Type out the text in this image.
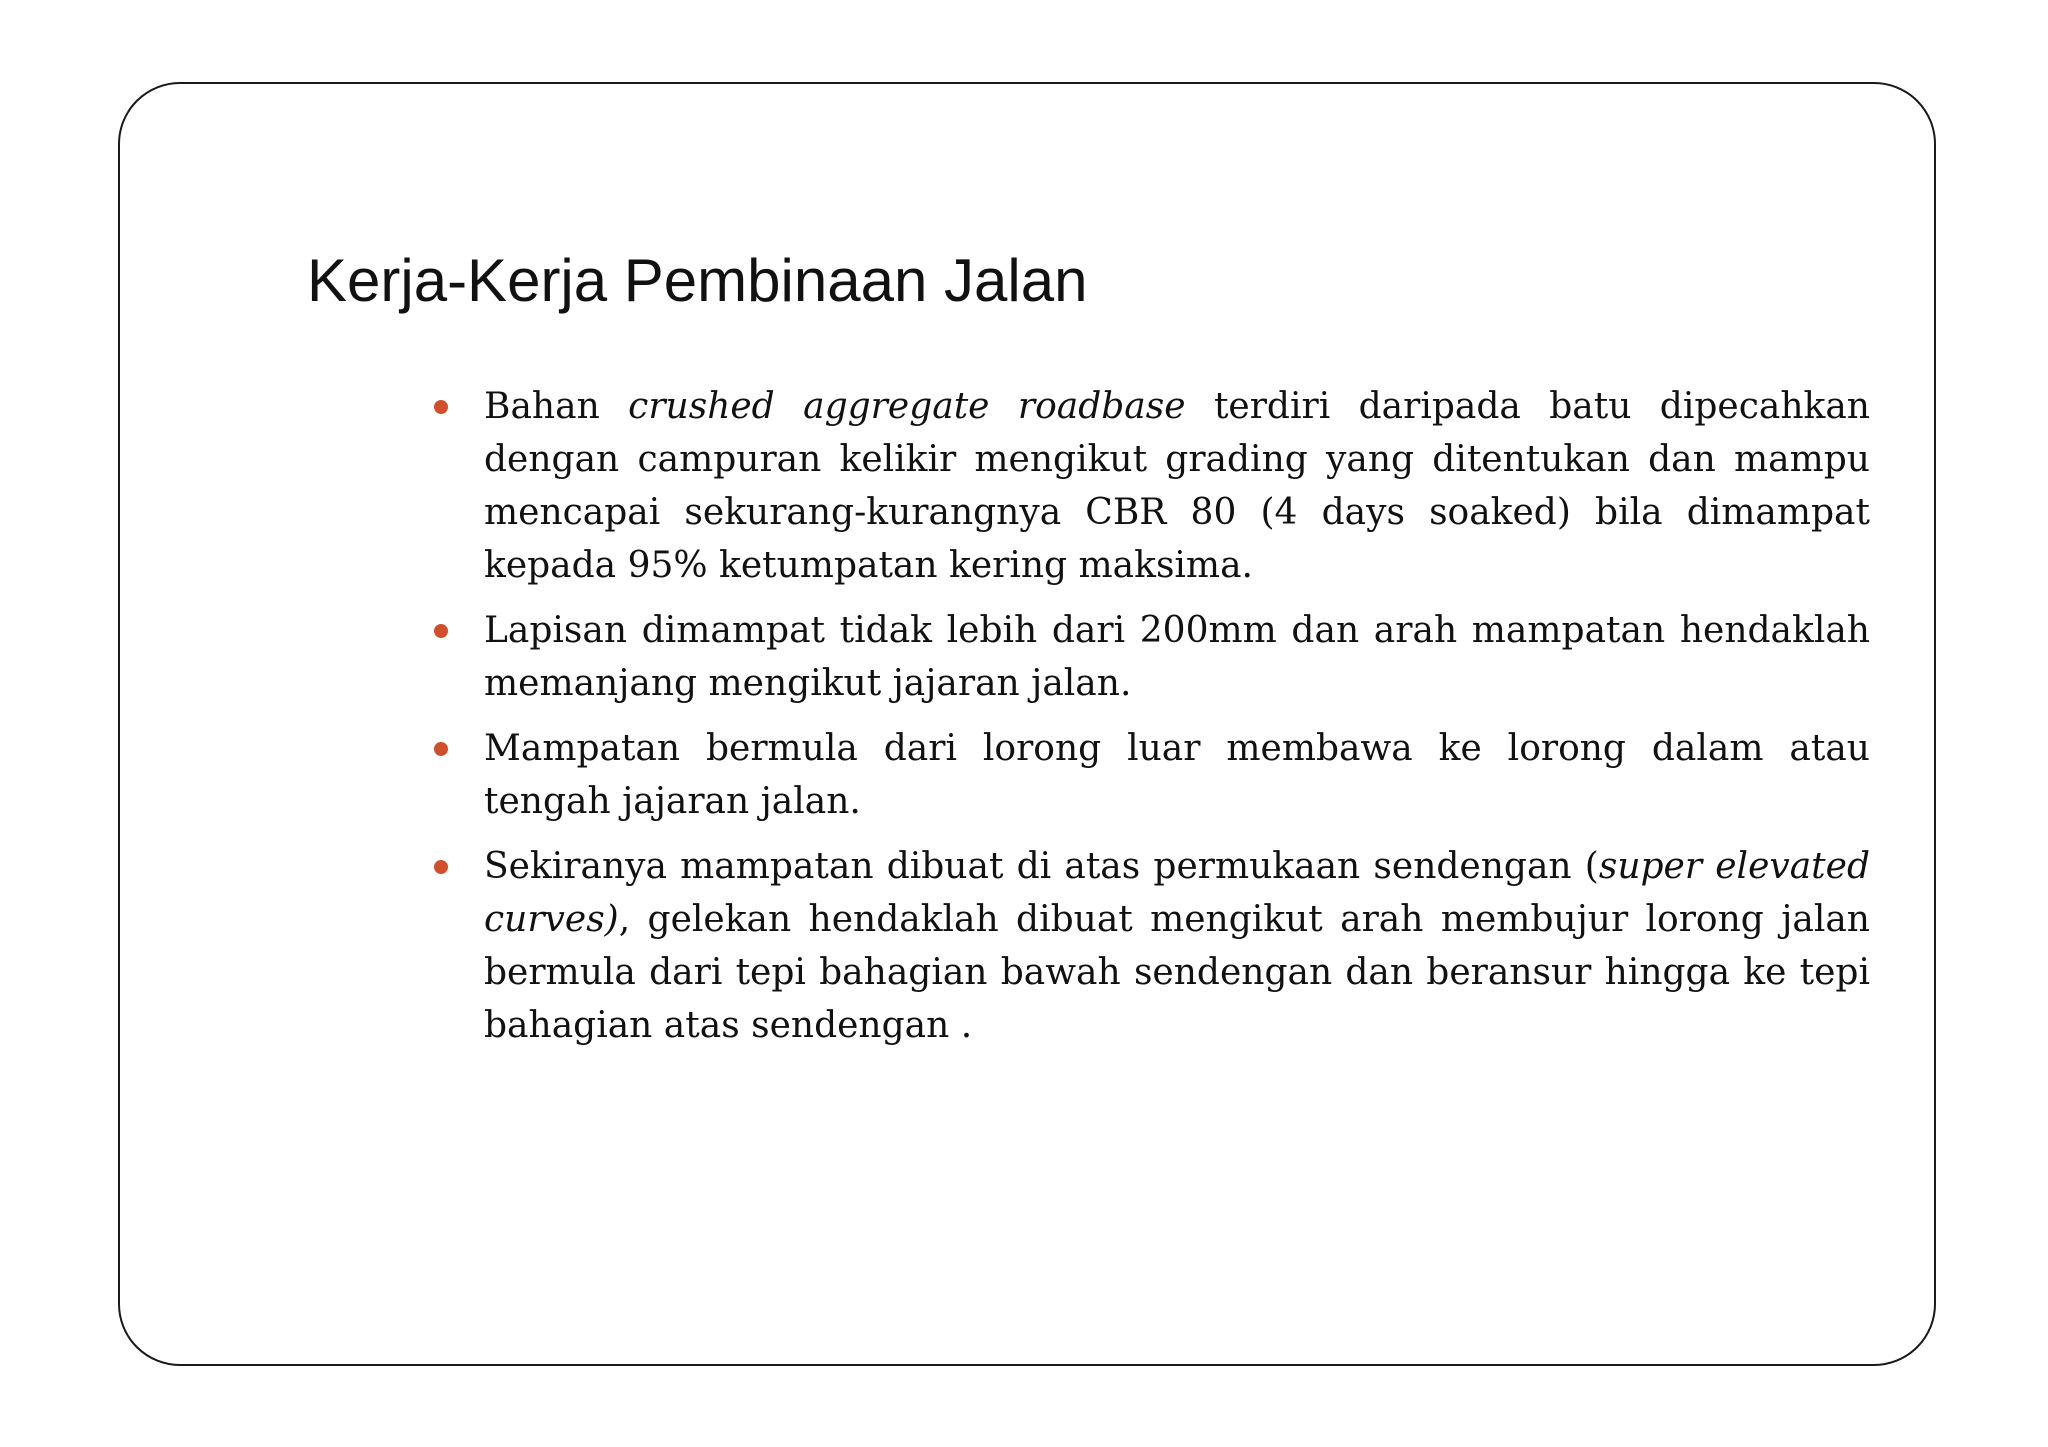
Kerja-Kerja Pembinaan Jalan
Bahan crushed aggregate roadbase terdiri daripada batu dipecahkan dengan campuran kelikir mengikut grading yang ditentukan dan mampu mencapai sekurang-kurangnya CBR 80 (4 days soaked) bila dimampat kepada 95% ketumpatan kering maksima.
Lapisan dimampat tidak lebih dari 200mm dan arah mampatan hendaklah memanjang mengikut jajaran jalan.
Mampatan bermula dari lorong luar membawa ke lorong dalam atau tengah jajaran jalan.
Sekiranya mampatan dibuat di atas permukaan sendengan (super elevated curves), gelekan hendaklah dibuat mengikut arah membujur lorong jalan bermula dari tepi bahagian bawah sendengan dan beransur hingga ke tepi bahagian atas sendengan .
